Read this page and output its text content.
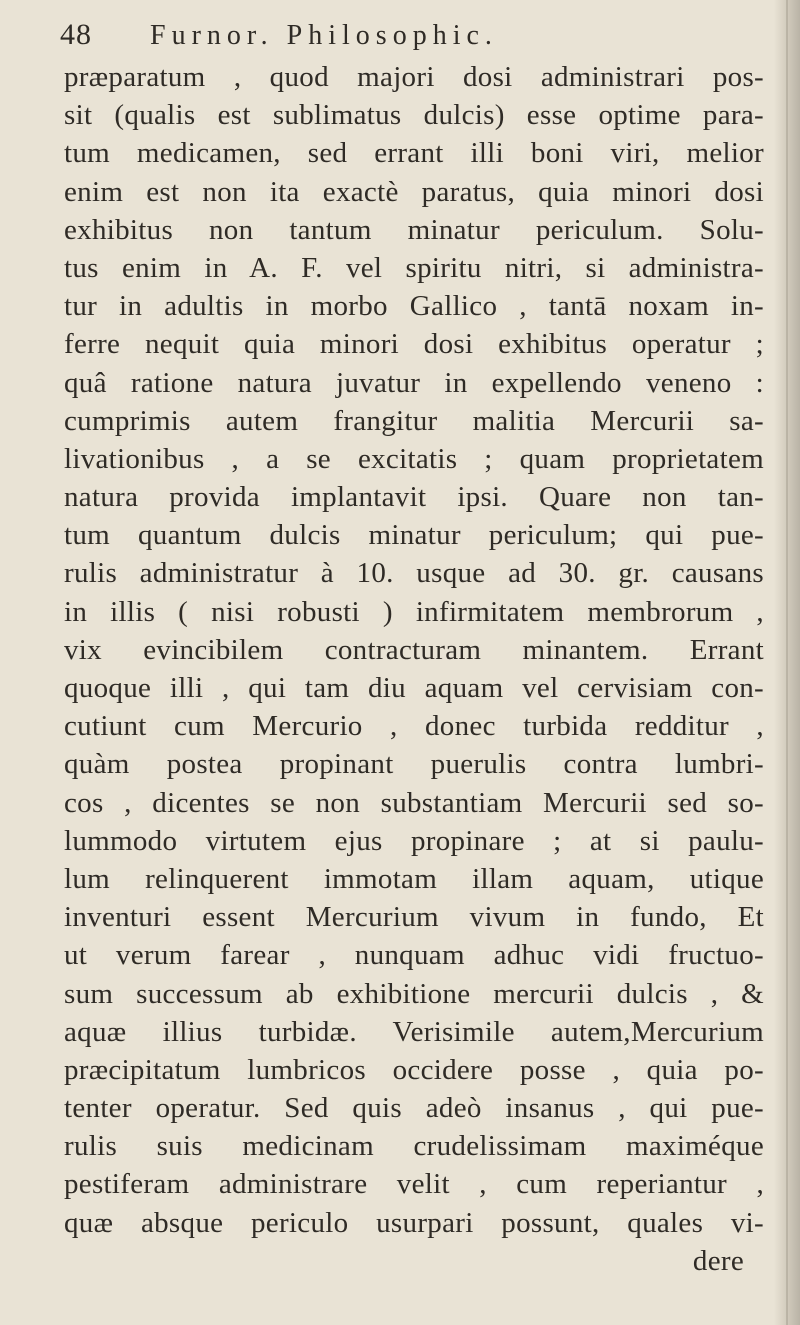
48 Furnor. Philosophic.
præparatum , quod majori dosi administrari pos-
sit (qualis est sublimatus dulcis) esse optime para-
tum medicamen, sed errant illi boni viri, melior
enim est non ita exactè paratus, quia minori dosi
exhibitus non tantum minatur periculum. Solu-
tus enim in A. F. vel spiritu nitri, si administra-
tur in adultis in morbo Gallico , tantā noxam in-
ferre nequit quia minori dosi exhibitus operatur ;
quâ ratione natura juvatur in expellendo veneno :
cumprimis autem frangitur malitia Mercurii sa-
livationibus , a se excitatis ; quam proprietatem
natura provida implantavit ipsi. Quare non tan-
tum quantum dulcis minatur periculum; qui pue-
rulis administratur à 10. usque ad 30. gr. causans
in illis ( nisi robusti ) infirmitatem membrorum ,
vix evincibilem contracturam minantem. Errant
quoque illi , qui tam diu aquam vel cervisiam con-
cutiunt cum Mercurio , donec turbida redditur ,
quàm postea propinant puerulis contra lumbri-
cos , dicentes se non substantiam Mercurii sed so-
lummodo virtutem ejus propinare ; at si paulu-
lum relinquerent immotam illam aquam, utique
inventuri essent Mercurium vivum in fundo, Et
ut verum farear , nunquam adhuc vidi fructuo-
sum successum ab exhibitione mercurii dulcis , &
aquæ illius turbidæ. Verisimile autem,Mercurium
præcipitatum lumbricos occidere posse , quia po-
tenter operatur. Sed quis adeò insanus , qui pue-
rulis suis medicinam crudelissimam maximéque
pestiferam administrare velit , cum reperiantur ,
quæ absque periculo usurpari possunt, quales vi-
dere
